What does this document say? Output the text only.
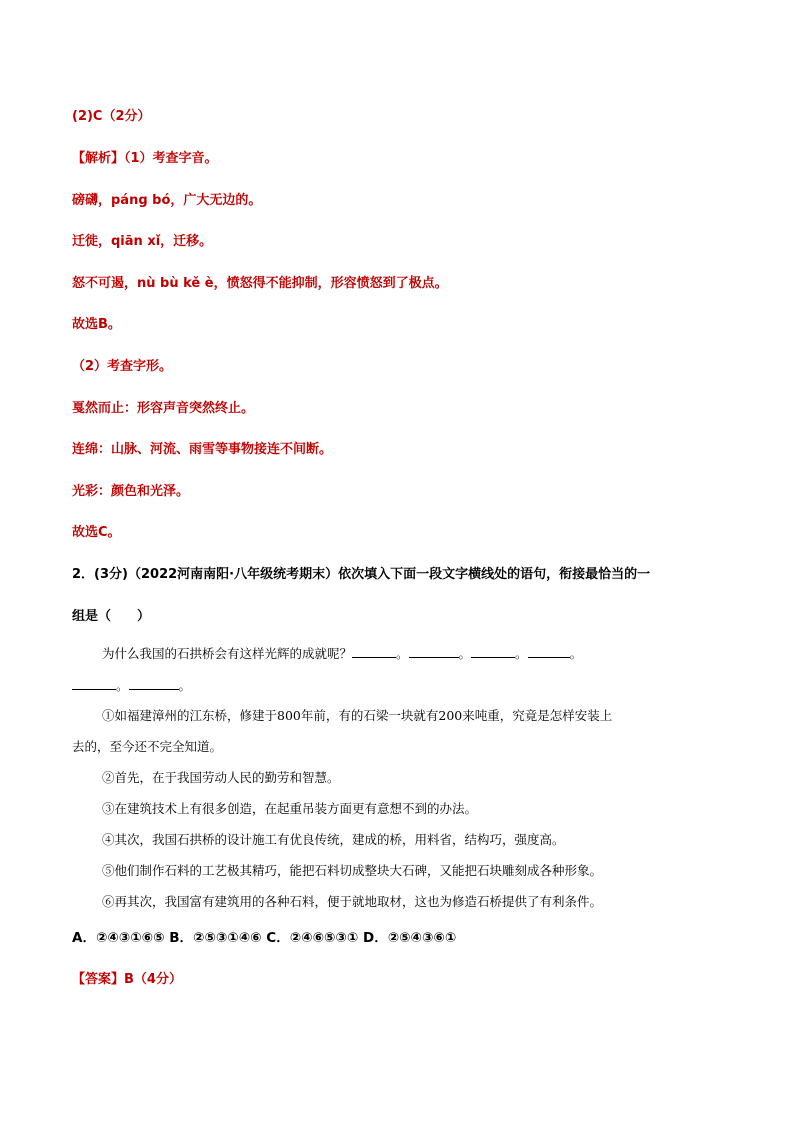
(2)C（2分）
【解析】（1）考查字音。
磅礴，páng bó，广大无边的。
迁徙，qiān xǐ，迁移。
怒不可遏，nù bù kě è，愤怒得不能抑制，形容愤怒到了极点。
故选B。
（2）考查字形。
戛然而止：形容声音突然终止。
连绵：山脉、河流、雨雪等事物接连不间断。
光彩：颜色和光泽。
故选C。
2．(3分)（2022河南南阳·八年级统考期末）依次填入下面一段文字横线处的语句，衔接最恰当的一
组是（　　）
为什么我国的石拱桥会有这样光辉的成就呢？	。	。	。	。
。	。
①如福建漳州的江东桥，修建于800年前，有的石梁一块就有200来吨重，究竟是怎样安装上
去的，至今还不完全知道。
②首先，在于我国劳动人民的勤劳和智慧。
③在建筑技术上有很多创造，在起重吊装方面更有意想不到的办法。
④其次，我国石拱桥的设计施工有优良传统，建成的桥，用料省，结构巧，强度高。
⑤他们制作石料的工艺极其精巧，能把石料切成整块大石碑，又能把石块雕刻成各种形象。
⑥再其次，我国富有建筑用的各种石料，便于就地取材，这也为修造石桥提供了有利条件。
A．②④③①⑥⑤ B．②⑤③①④⑥ C．②④⑥⑤③① D．②⑤④③⑥①
【答案】B（4分）
